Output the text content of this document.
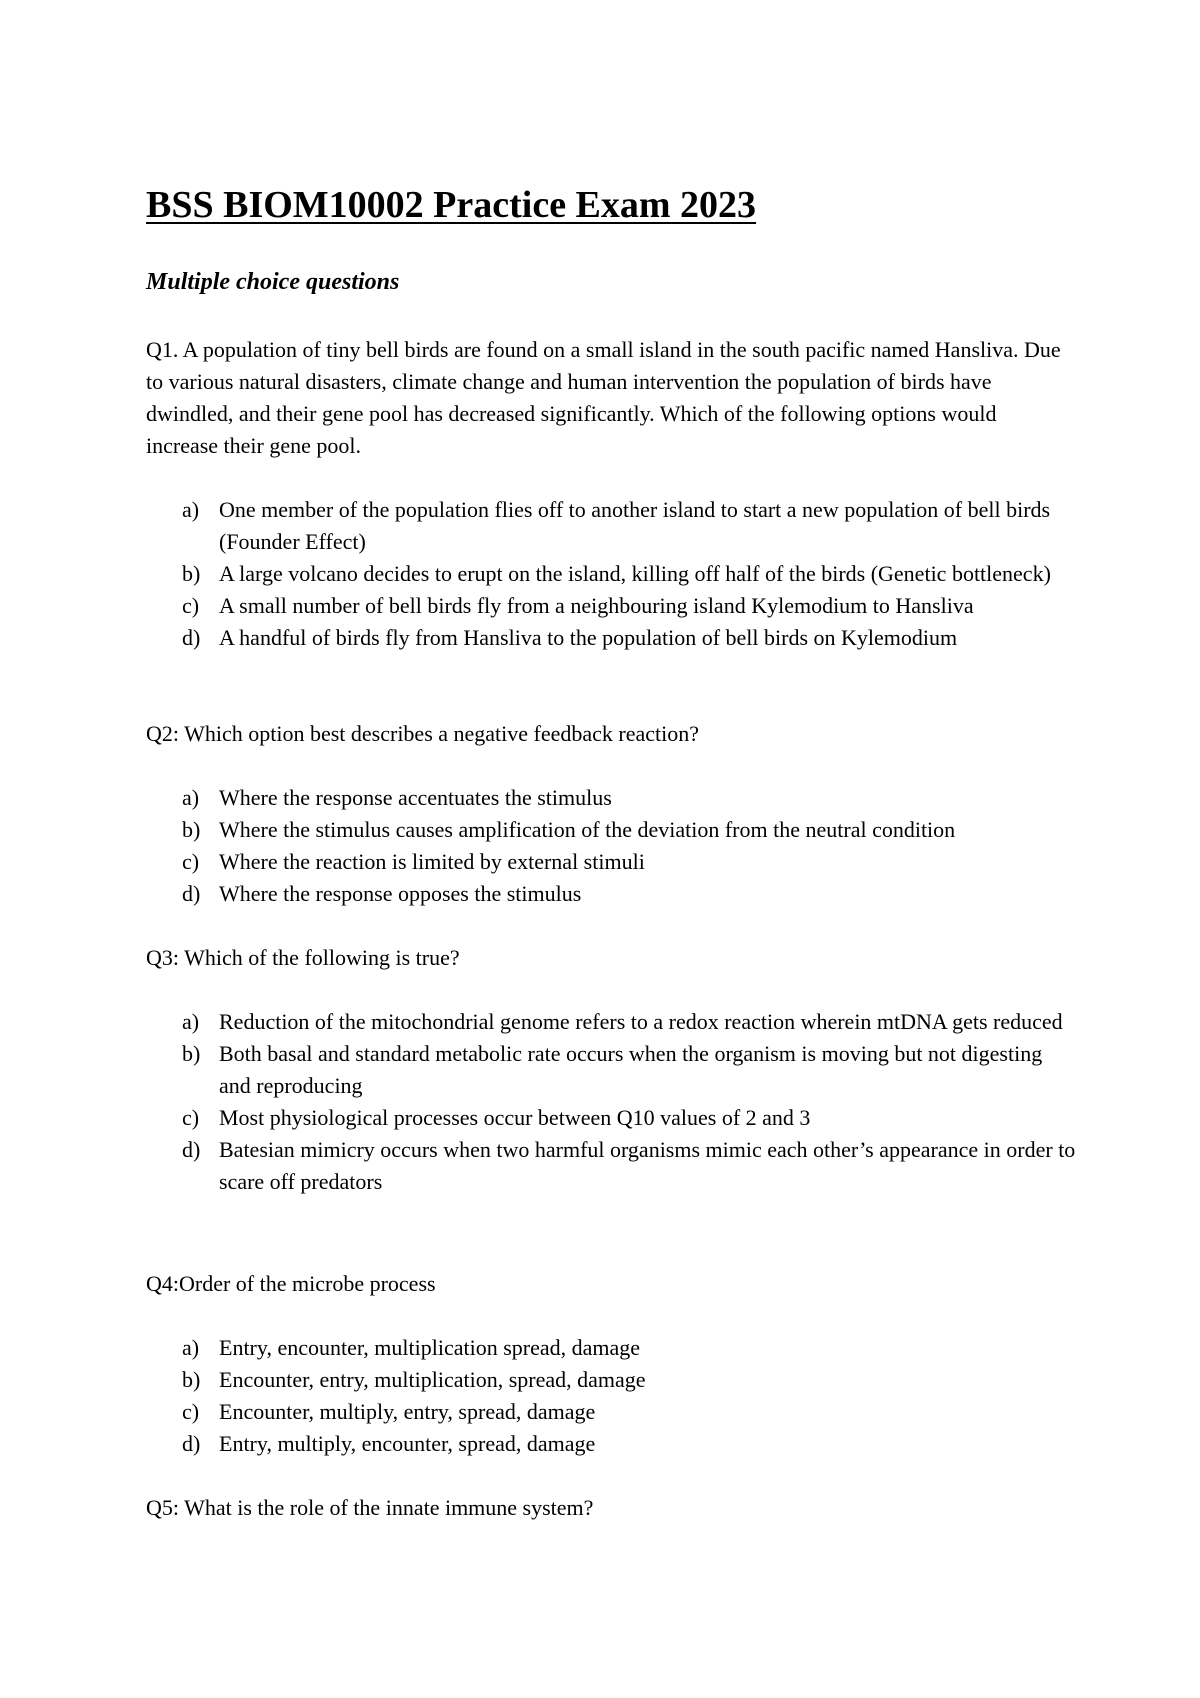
BSS BIOM10002 Practice Exam 2023
Multiple choice questions

Q1. A population of tiny bell birds are found on a small island in the south pacific named Hansliva. Due to various natural disasters, climate change and human intervention the population of birds have dwindled, and their gene pool has decreased significantly. Which of the following options would increase their gene pool.

a) One member of the population flies off to another island to start a new population of bell birds (Founder Effect)
b) A large volcano decides to erupt on the island, killing off half of the birds (Genetic bottleneck)
c) A small number of bell birds fly from a neighbouring island Kylemodium to Hansliva
d) A handful of birds fly from Hansliva to the population of bell birds on Kylemodium

Q2: Which option best describes a negative feedback reaction?

a) Where the response accentuates the stimulus
b) Where the stimulus causes amplification of the deviation from the neutral condition
c) Where the reaction is limited by external stimuli
d) Where the response opposes the stimulus

Q3: Which of the following is true?

a) Reduction of the mitochondrial genome refers to a redox reaction wherein mtDNA gets reduced
b) Both basal and standard metabolic rate occurs when the organism is moving but not digesting and reproducing
c) Most physiological processes occur between Q10 values of 2 and 3
d) Batesian mimicry occurs when two harmful organisms mimic each other’s appearance in order to scare off predators

Q4:Order of the microbe process

a) Entry, encounter, multiplication spread, damage
b) Encounter, entry, multiplication, spread, damage
c) Encounter, multiply, entry, spread, damage
d) Entry, multiply, encounter, spread, damage

Q5: What is the role of the innate immune system?
